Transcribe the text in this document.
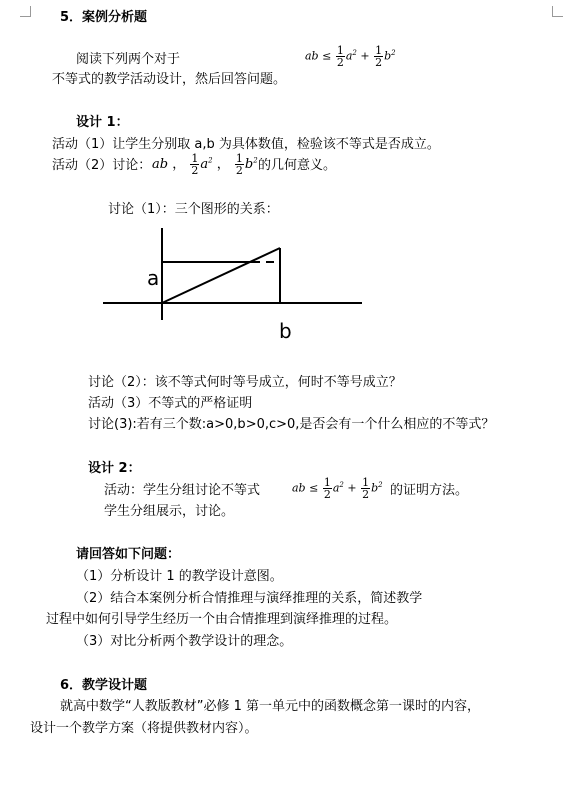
5．案例分析题
阅读下列两个对于	ab ≤ $\frac{1}{2} a^2 + \frac{1}{2} b^2$
不等式的教学活动设计，然后回答问题。
设计 1：
活动（1）让学生分别取 a,b 为具体数值，检验该不等式是否成立。
活动（2）讨论： ab ， $\frac{1}{2} a^2$ ， $\frac{1}{2} b^2$ 的几何意义。
讨论（1）：三个图形的关系：
a
b
讨论（2）：该不等式何时等号成立，何时不等号成立？
活动（3）不等式的严格证明
讨论(3):若有三个数:a>0,b>0,c>0,是否会有一个什么相应的不等式？
设计 2：
活动：学生分组讨论不等式	ab ≤ $\frac{1}{2} a^2 + \frac{1}{2} b^2$ 的证明方法。
学生分组展示，讨论。
请回答如下问题：
（1）分析设计 1 的教学设计意图。
（2）结合本案例分析合情推理与演绎推理的关系，简述教学
过程中如何引导学生经历一个由合情推理到演绎推理的过程。
（3）对比分析两个教学设计的理念。
6．教学设计题
就高中数学“人教版教材”必修 1 第一单元中的函数概念第一课时的内容，
设计一个教学方案（将提供教材内容）。
